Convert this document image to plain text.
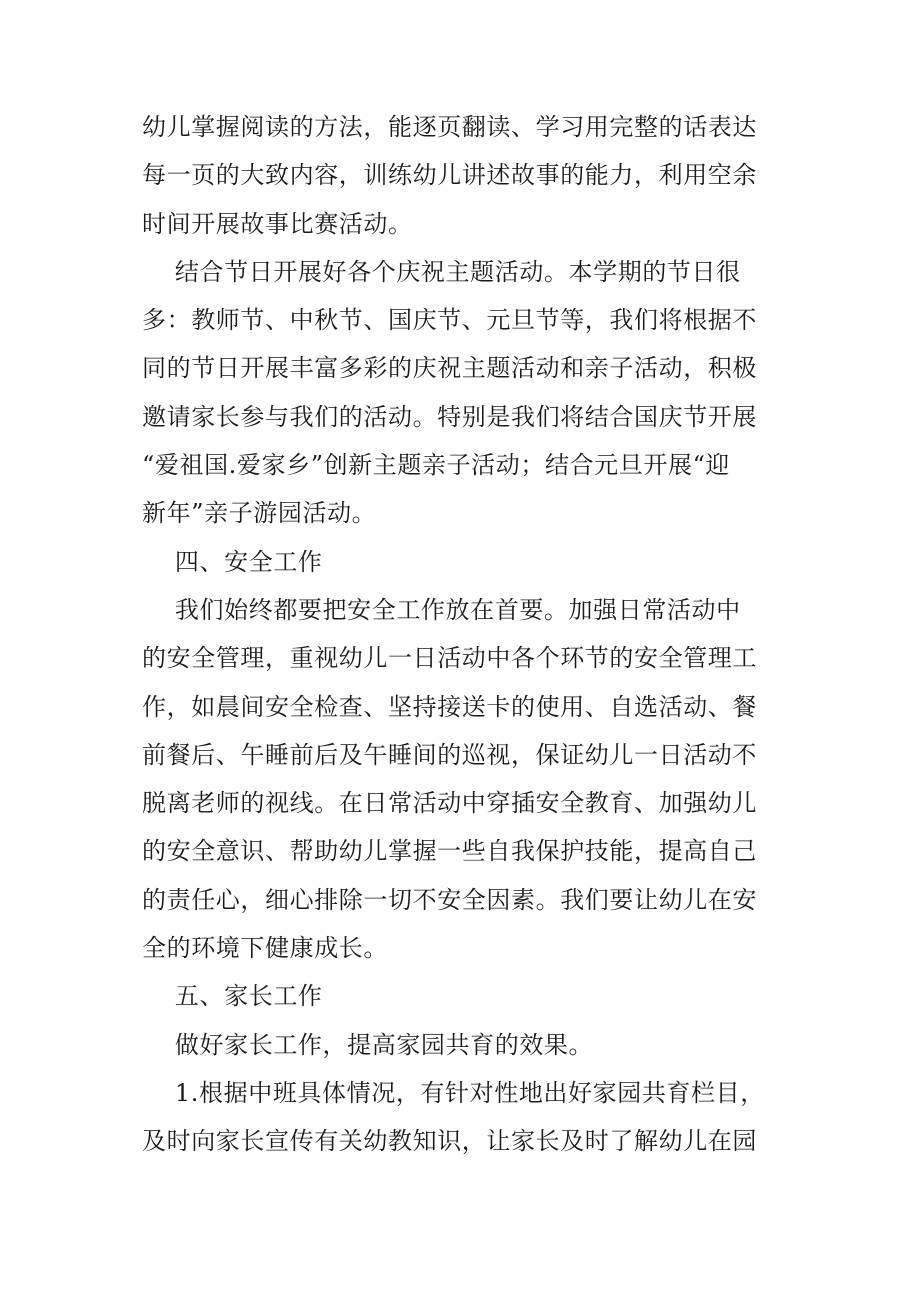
幼儿掌握阅读的方法，能逐页翻读、学习用完整的话表达

每一页的大致内容，训练幼儿讲述故事的能力，利用空余

时间开展故事比赛活动。

结合节日开展好各个庆祝主题活动。本学期的节日很

多：教师节、中秋节、国庆节、元旦节等，我们将根据不

同的节日开展丰富多彩的庆祝主题活动和亲子活动，积极

邀请家长参与我们的活动。特别是我们将结合国庆节开展

“爱祖国.爱家乡”创新主题亲子活动；结合元旦开展“迎

新年”亲子游园活动。

四、安全工作

我们始终都要把安全工作放在首要。加强日常活动中

的安全管理，重视幼儿一日活动中各个环节的安全管理工

作，如晨间安全检查、坚持接送卡的使用、自选活动、餐

前餐后、午睡前后及午睡间的巡视，保证幼儿一日活动不

脱离老师的视线。在日常活动中穿插安全教育、加强幼儿

的安全意识、帮助幼儿掌握一些自我保护技能，提高自己

的责任心，细心排除一切不安全因素。我们要让幼儿在安

全的环境下健康成长。

五、家长工作

做好家长工作，提高家园共育的效果。

1.根据中班具体情况，有针对性地出好家园共育栏目，

及时向家长宣传有关幼教知识，让家长及时了解幼儿在园
